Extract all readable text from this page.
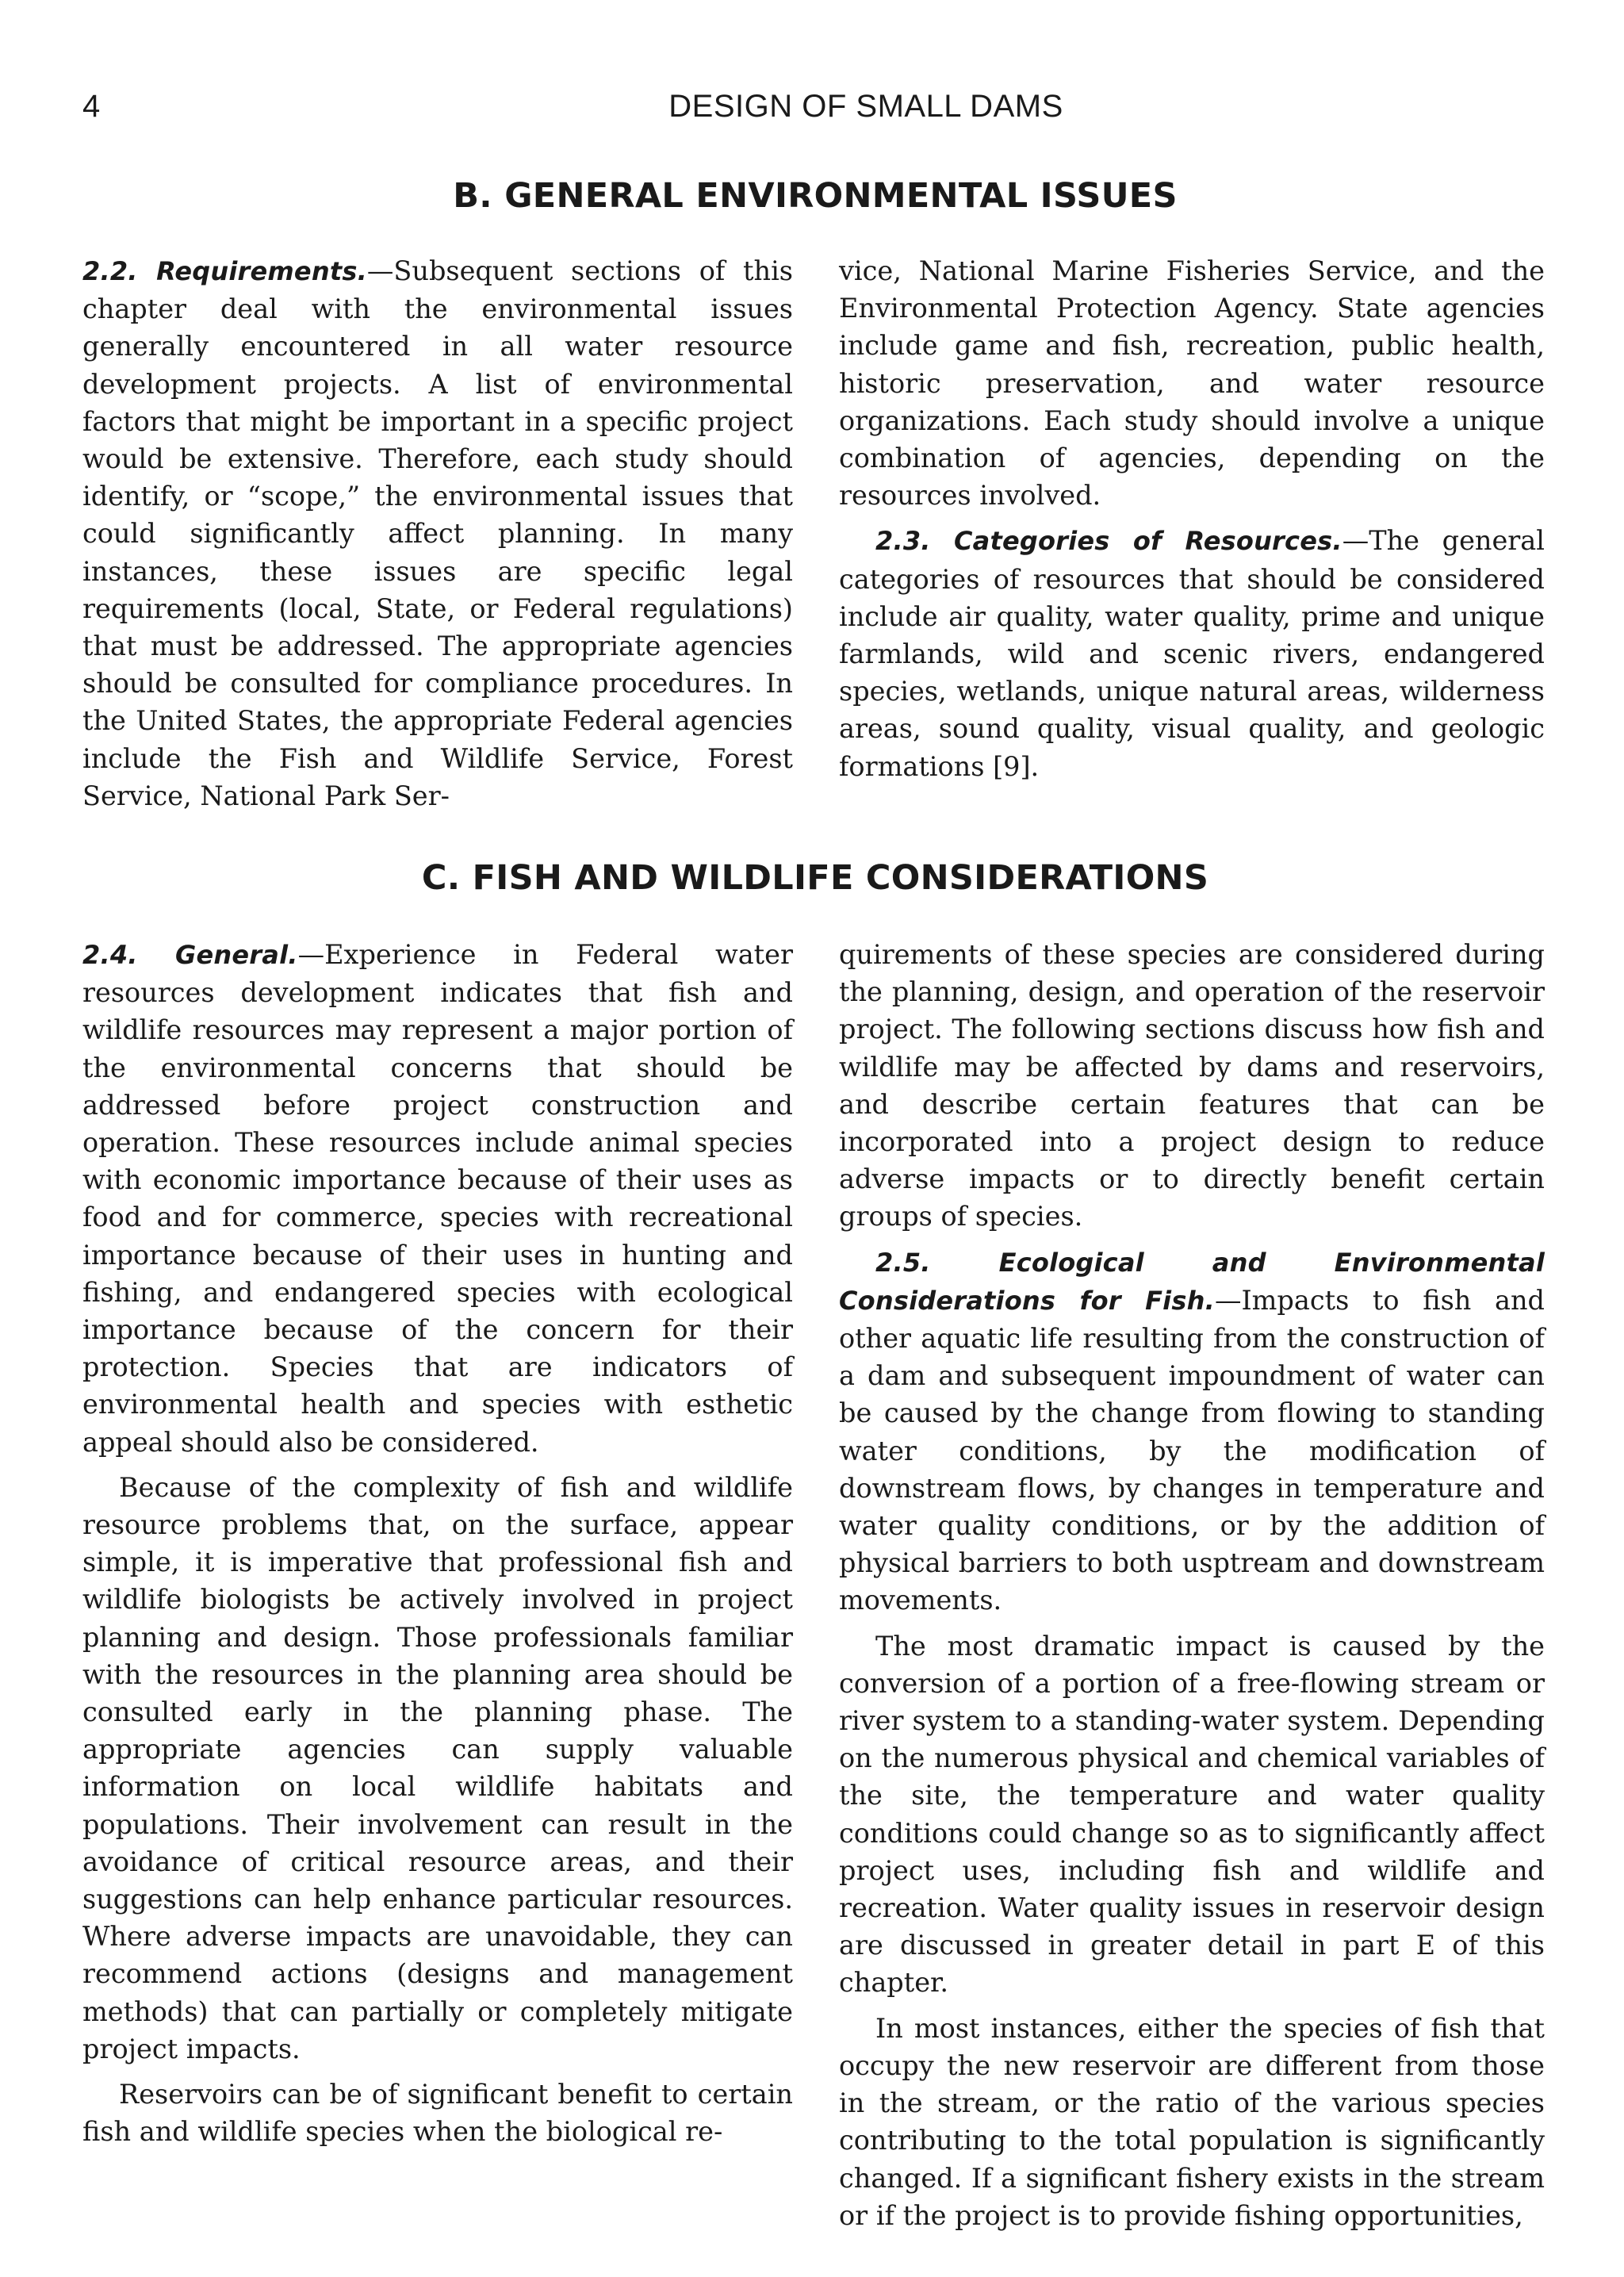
4	DESIGN OF SMALL DAMS
B. GENERAL ENVIRONMENTAL ISSUES

2.2. Requirements.—Subsequent sections of this chapter deal with the environmental issues generally encountered in all water resource development projects. A list of environmental factors that might be important in a specific project would be extensive. Therefore, each study should identify, or “scope,” the environmental issues that could significantly affect planning. In many instances, these issues are specific legal requirements (local, State, or Federal regulations) that must be addressed. The appropriate agencies should be consulted for compliance procedures. In the United States, the appropriate Federal agencies include the Fish and Wildlife Service, Forest Service, National Park Ser-

vice, National Marine Fisheries Service, and the Environmental Protection Agency. State agencies include game and fish, recreation, public health, historic preservation, and water resource organizations. Each study should involve a unique combination of agencies, depending on the resources involved.

2.3. Categories of Resources.—The general categories of resources that should be considered include air quality, water quality, prime and unique farmlands, wild and scenic rivers, endangered species, wetlands, unique natural areas, wilderness areas, sound quality, visual quality, and geologic formations [9].

C. FISH AND WILDLIFE CONSIDERATIONS

2.4. General.—Experience in Federal water resources development indicates that fish and wildlife resources may represent a major portion of the environmental concerns that should be addressed before project construction and operation. These resources include animal species with economic importance because of their uses as food and for commerce, species with recreational importance because of their uses in hunting and fishing, and endangered species with ecological importance because of the concern for their protection. Species that are indicators of environmental health and species with esthetic appeal should also be considered.

Because of the complexity of fish and wildlife resource problems that, on the surface, appear simple, it is imperative that professional fish and wildlife biologists be actively involved in project planning and design. Those professionals familiar with the resources in the planning area should be consulted early in the planning phase. The appropriate agencies can supply valuable information on local wildlife habitats and populations. Their involvement can result in the avoidance of critical resource areas, and their suggestions can help enhance particular resources. Where adverse impacts are unavoidable, they can recommend actions (designs and management methods) that can partially or completely mitigate project impacts.

Reservoirs can be of significant benefit to certain fish and wildlife species when the biological re-

quirements of these species are considered during the planning, design, and operation of the reservoir project. The following sections discuss how fish and wildlife may be affected by dams and reservoirs, and describe certain features that can be incorporated into a project design to reduce adverse impacts or to directly benefit certain groups of species.

2.5. Ecological and Environmental Considerations for Fish.—Impacts to fish and other aquatic life resulting from the construction of a dam and subsequent impoundment of water can be caused by the change from flowing to standing water conditions, by the modification of downstream flows, by changes in temperature and water quality conditions, or by the addition of physical barriers to both usptream and downstream movements.

The most dramatic impact is caused by the conversion of a portion of a free-flowing stream or river system to a standing-water system. Depending on the numerous physical and chemical variables of the site, the temperature and water quality conditions could change so as to significantly affect project uses, including fish and wildlife and recreation. Water quality issues in reservoir design are discussed in greater detail in part E of this chapter.

In most instances, either the species of fish that occupy the new reservoir are different from those in the stream, or the ratio of the various species contributing to the total population is significantly changed. If a significant fishery exists in the stream or if the project is to provide fishing opportunities,
